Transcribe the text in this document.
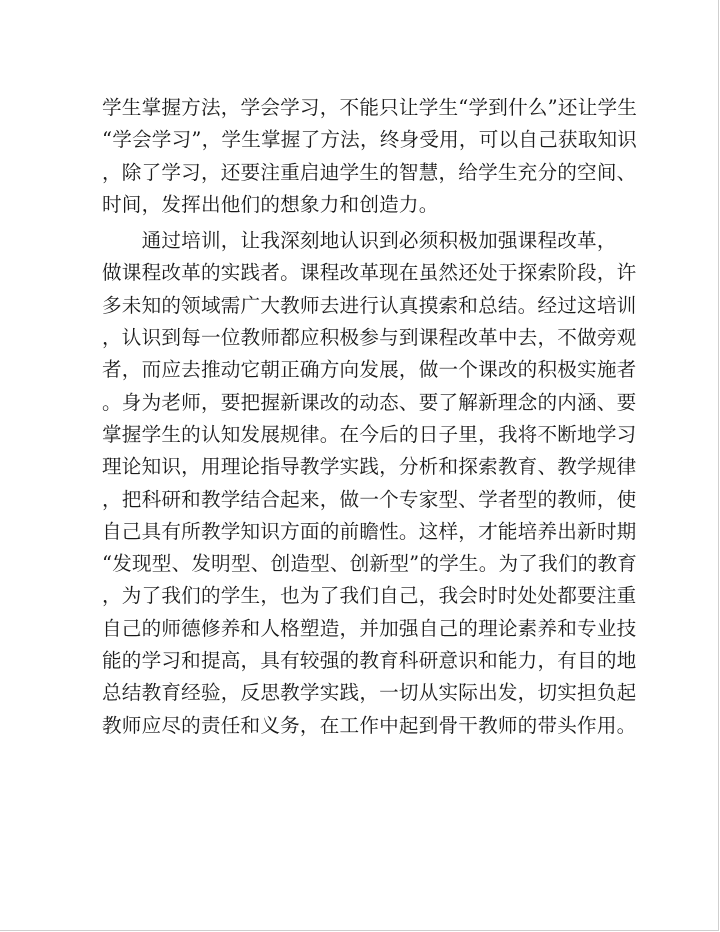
学生掌握方法，学会学习，不能只让学生“学到什么”还让学生
“学会学习”，学生掌握了方法，终身受用，可以自己获取知识
，除了学习，还要注重启迪学生的智慧，给学生充分的空间、
时间，发挥出他们的想象力和创造力。
　　通过培训，让我深刻地认识到必须积极加强课程改革，
做课程改革的实践者。课程改革现在虽然还处于探索阶段，许
多未知的领域需广大教师去进行认真摸索和总结。经过这培训
，认识到每一位教师都应积极参与到课程改革中去，不做旁观
者，而应去推动它朝正确方向发展，做一个课改的积极实施者
。身为老师，要把握新课改的动态、要了解新理念的内涵、要
掌握学生的认知发展规律。在今后的日子里，我将不断地学习
理论知识，用理论指导教学实践，分析和探索教育、教学规律
，把科研和教学结合起来，做一个专家型、学者型的教师，使
自己具有所教学知识方面的前瞻性。这样，才能培养出新时期
“发现型、发明型、创造型、创新型”的学生。为了我们的教育
，为了我们的学生，也为了我们自己，我会时时处处都要注重
自己的师德修养和人格塑造，并加强自己的理论素养和专业技
能的学习和提高，具有较强的教育科研意识和能力，有目的地
总结教育经验，反思教学实践，一切从实际出发，切实担负起
教师应尽的责任和义务，在工作中起到骨干教师的带头作用。
